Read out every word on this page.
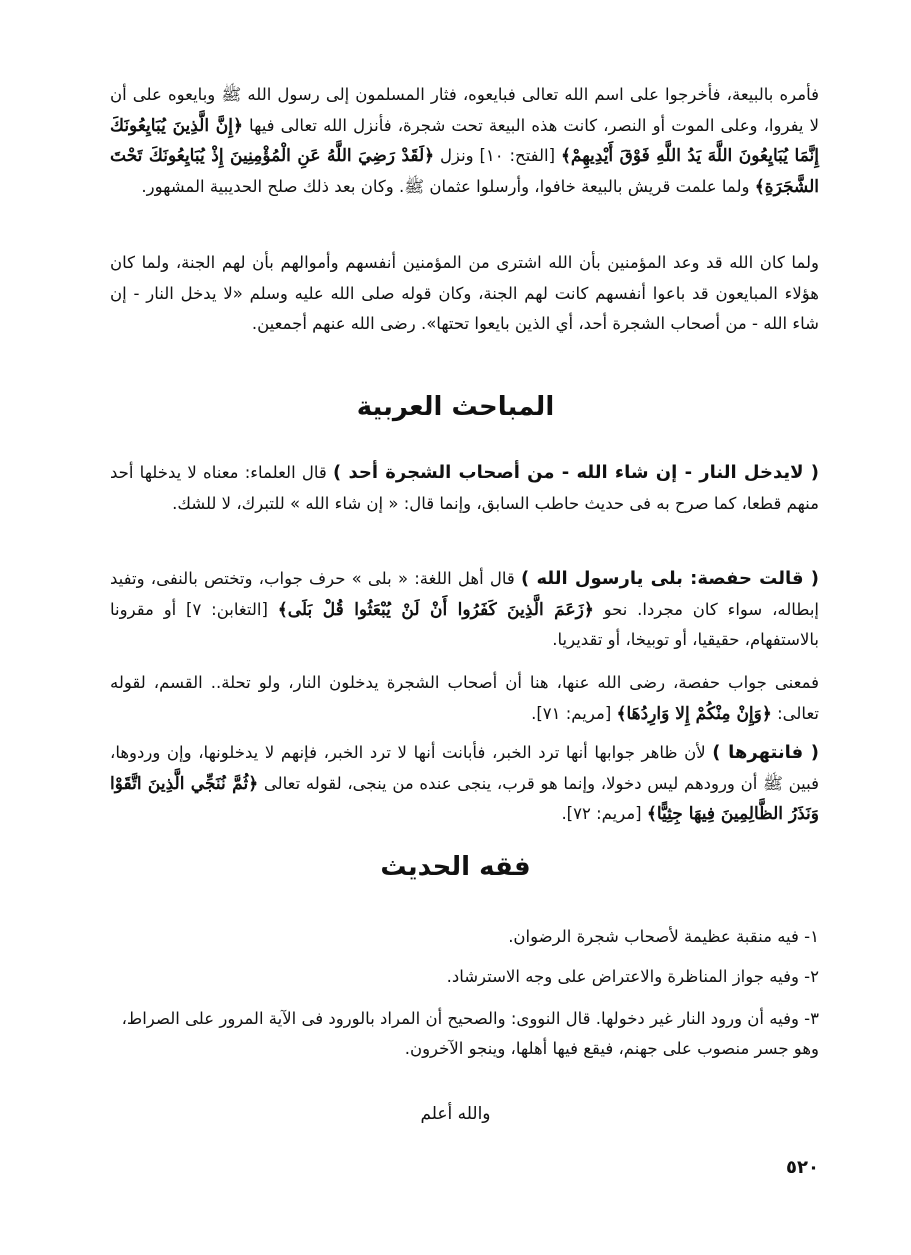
فأمره بالبيعة، فأخرجوا على اسم الله تعالى فبايعوه، فثار المسلمون إلى رسول الله ﷺ وبايعوه على أن لا يفروا، وعلى الموت أو النصر، كانت هذه البيعة تحت شجرة، فأنزل الله تعالى فيها ﴿إِنَّ الَّذِينَ يُبَايِعُونَكَ إِنَّمَا يُبَايِعُونَ اللَّهَ يَدُ اللَّهِ فَوْقَ أَيْدِيهِمْ﴾ [الفتح: ١٠] ونزل ﴿لَقَدْ رَضِيَ اللَّهُ عَنِ الْمُؤْمِنِينَ إِذْ يُبَايِعُونَكَ تَحْتَ الشَّجَرَةِ﴾ ولما علمت قريش بالبيعة خافوا، وأرسلوا عثمان ﷺ. وكان بعد ذلك صلح الحديبية المشهور.

ولما كان الله قد وعد المؤمنين بأن الله اشترى من المؤمنين أنفسهم وأموالهم بأن لهم الجنة، ولما كان هؤلاء المبايعون قد باعوا أنفسهم كانت لهم الجنة، وكان قوله صلى الله عليه وسلم «لا يدخل النار - إن شاء الله - من أصحاب الشجرة أحد، أي الذين بايعوا تحتها». رضى الله عنهم أجمعين.

المباحث العربية

( لايدخل النار - إن شاء الله - من أصحاب الشجرة أحد ) قال العلماء: معناه لا يدخلها أحد منهم قطعا، كما صرح به فى حديث حاطب السابق، وإنما قال: « إن شاء الله » للتبرك، لا للشك.

( قالت حفصة: بلى يارسول الله ) قال أهل اللغة: « بلى » حرف جواب، وتختص بالنفى، وتفيد إبطاله، سواء كان مجردا. نحو ﴿زَعَمَ الَّذِينَ كَفَرُوا أَنْ لَنْ يُبْعَثُوا قُلْ بَلَى﴾ [التغابن: ٧] أو مقرونا بالاستفهام، حقيقيا، أو توبيخا، أو تقديريا.

فمعنى جواب حفصة، رضى الله عنها، هنا أن أصحاب الشجرة يدخلون النار، ولو تحلة.. القسم، لقوله تعالى: ﴿وَإِنْ مِنْكُمْ إِلا وَارِدُهَا﴾ [مريم: ٧١].

( فانتهرها ) لأن ظاهر جوابها أنها ترد الخبر، فأبانت أنها لا ترد الخبر، فإنهم لا يدخلونها، وإن وردوها، فبين ﷺ أن ورودهم ليس دخولا، وإنما هو قرب، ينجى عنده من ينجى، لقوله تعالى ﴿ثُمَّ نُنَجِّي الَّذِينَ اتَّقَوْا وَنَذَرُ الظَّالِمِينَ فِيهَا جِثِيًّا﴾ [مريم: ٧٢].

فقه الحديث

١- فيه منقبة عظيمة لأصحاب شجرة الرضوان.

٢- وفيه جواز المناظرة والاعتراض على وجه الاسترشاد.

٣- وفيه أن ورود النار غير دخولها. قال النووى: والصحيح أن المراد بالورود فى الآية المرور على الصراط، وهو جسر منصوب على جهنم، فيقع فيها أهلها، وينجو الآخرون.

والله أعلم
٥٢٠
